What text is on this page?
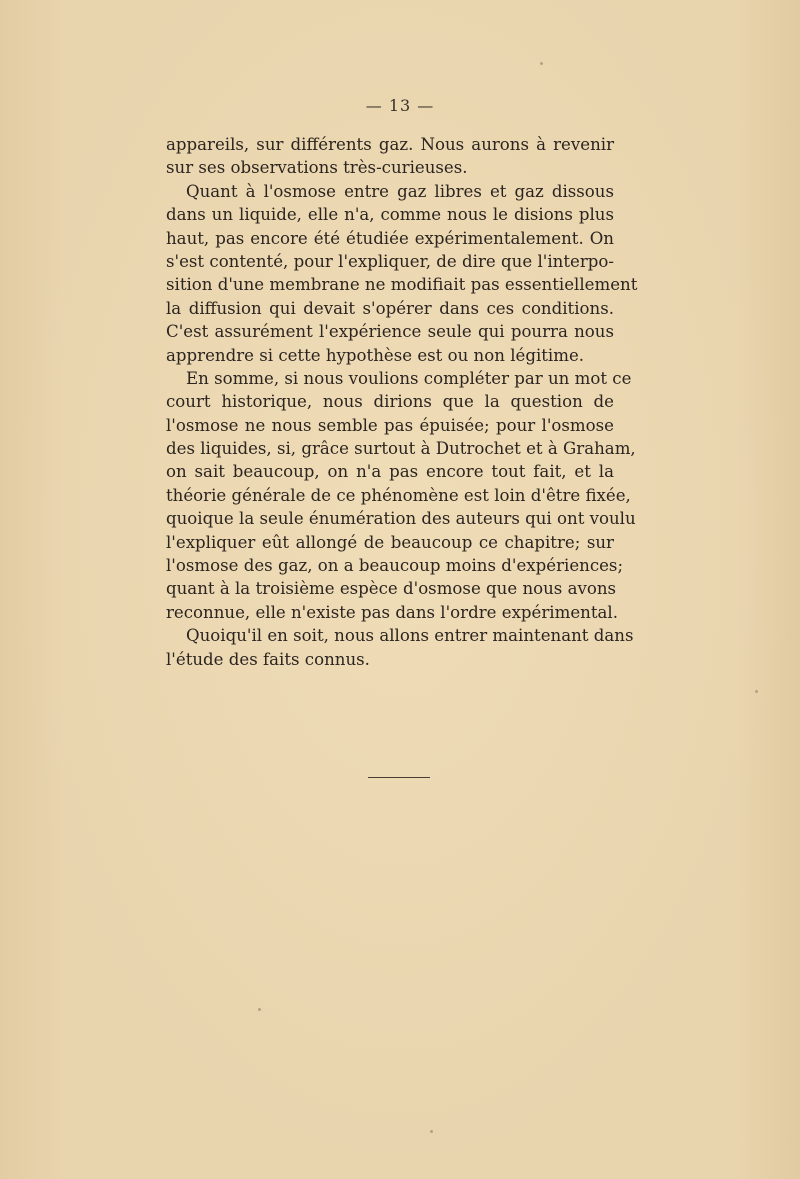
— 13 —
appareils, sur différents gaz. Nous aurons à revenir
sur ses observations très-curieuses.
Quant à l'osmose entre gaz libres et gaz dissous
dans un liquide, elle n'a, comme nous le disions plus
haut, pas encore été étudiée expérimentalement. On
s'est contenté, pour l'expliquer, de dire que l'interpo-
sition d'une membrane ne modifiait pas essentiellement
la diffusion qui devait s'opérer dans ces conditions.
C'est assurément l'expérience seule qui pourra nous
apprendre si cette hypothèse est ou non légitime.
En somme, si nous voulions compléter par un mot ce
court historique, nous dirions que la question de
l'osmose ne nous semble pas épuisée; pour l'osmose
des liquides, si, grâce surtout à Dutrochet et à Graham,
on sait beaucoup, on n'a pas encore tout fait, et la
théorie générale de ce phénomène est loin d'être fixée,
quoique la seule énumération des auteurs qui ont voulu
l'expliquer eût allongé de beaucoup ce chapitre; sur
l'osmose des gaz, on a beaucoup moins d'expériences;
quant à la troisième espèce d'osmose que nous avons
reconnue, elle n'existe pas dans l'ordre expérimental.
Quoiqu'il en soit, nous allons entrer maintenant dans
l'étude des faits connus.
